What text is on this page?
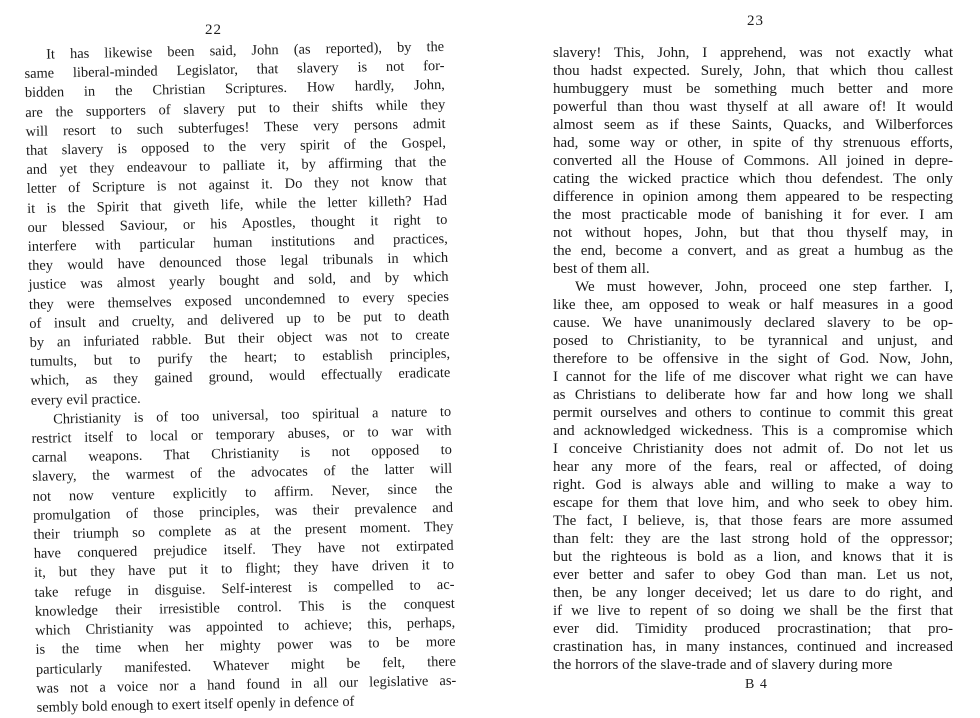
22
It has likewise been said, John (as reported), by the
same liberal-minded Legislator, that slavery is not for-
bidden in the Christian Scriptures. How hardly, John,
are the supporters of slavery put to their shifts while they
will resort to such subterfuges! These very persons admit
that slavery is opposed to the very spirit of the Gospel,
and yet they endeavour to palliate it, by affirming that the
letter of Scripture is not against it. Do they not know that
it is the Spirit that giveth life, while the letter killeth? Had
our blessed Saviour, or his Apostles, thought it right to
interfere with particular human institutions and practices,
they would have denounced those legal tribunals in which
justice was almost yearly bought and sold, and by which
they were themselves exposed uncondemned to every species
of insult and cruelty, and delivered up to be put to death
by an infuriated rabble. But their object was not to create
tumults, but to purify the heart; to establish principles,
which, as they gained ground, would effectually eradicate
every evil practice.
Christianity is of too universal, too spiritual a nature to
restrict itself to local or temporary abuses, or to war with
carnal weapons. That Christianity is not opposed to
slavery, the warmest of the advocates of the latter will
not now venture explicitly to affirm. Never, since the
promulgation of those principles, was their prevalence and
their triumph so complete as at the present moment. They
have conquered prejudice itself. They have not extirpated
it, but they have put it to flight; they have driven it to
take refuge in disguise. Self-interest is compelled to ac-
knowledge their irresistible control. This is the conquest
which Christianity was appointed to achieve; this, perhaps,
is the time when her mighty power was to be more
particularly manifested. Whatever might be felt, there
was not a voice nor a hand found in all our legislative as-
sembly bold enough to exert itself openly in defence of
23
slavery! This, John, I apprehend, was not exactly what
thou hadst expected. Surely, John, that which thou callest
humbuggery must be something much better and more
powerful than thou wast thyself at all aware of! It would
almost seem as if these Saints, Quacks, and Wilberforces
had, some way or other, in spite of thy strenuous efforts,
converted all the House of Commons. All joined in depre-
cating the wicked practice which thou defendest. The only
difference in opinion among them appeared to be respecting
the most practicable mode of banishing it for ever. I am
not without hopes, John, but that thou thyself may, in
the end, become a convert, and as great a humbug as the
best of them all.
We must however, John, proceed one step farther. I,
like thee, am opposed to weak or half measures in a good
cause. We have unanimously declared slavery to be op-
posed to Christianity, to be tyrannical and unjust, and
therefore to be offensive in the sight of God. Now, John,
I cannot for the life of me discover what right we can have
as Christians to deliberate how far and how long we shall
permit ourselves and others to continue to commit this great
and acknowledged wickedness. This is a compromise which
I conceive Christianity does not admit of. Do not let us
hear any more of the fears, real or affected, of doing
right. God is always able and willing to make a way to
escape for them that love him, and who seek to obey him.
The fact, I believe, is, that those fears are more assumed
than felt: they are the last strong hold of the oppressor;
but the righteous is bold as a lion, and knows that it is
ever better and safer to obey God than man. Let us not,
then, be any longer deceived; let us dare to do right, and
if we live to repent of so doing we shall be the first that
ever did. Timidity produced procrastination; that pro-
crastination has, in many instances, continued and increased
the horrors of the slave-trade and of slavery during more
B 4
